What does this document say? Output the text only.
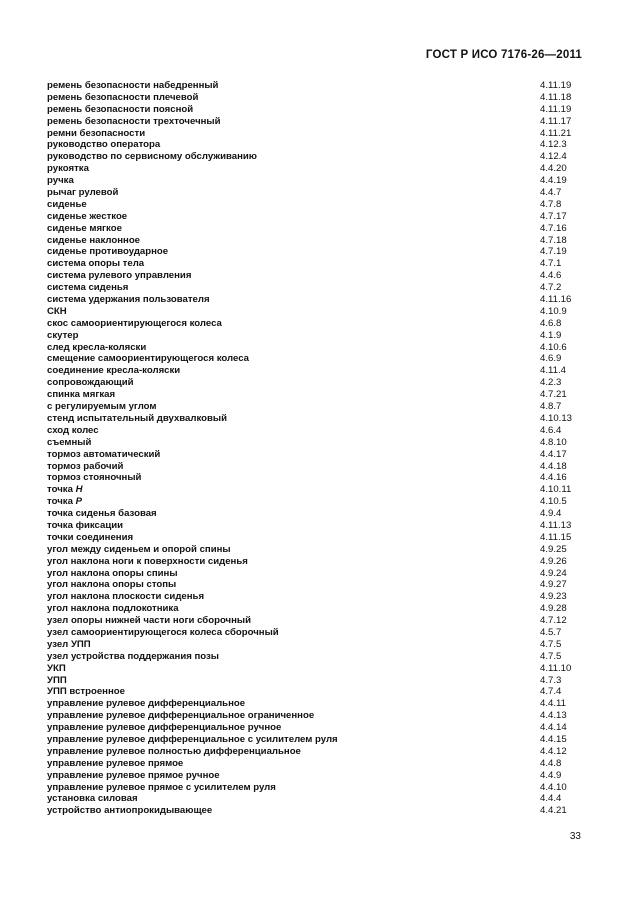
ГОСТ Р ИСО 7176-26—2011
ремень безопасности набедренный	4.11.19
ремень безопасности плечевой	4.11.18
ремень безопасности поясной	4.11.19
ремень безопасности трехточечный	4.11.17
ремни безопасности	4.11.21
руководство оператора	4.12.3
руководство по сервисному обслуживанию	4.12.4
рукоятка	4.4.20
ручка	4.4.19
рычаг рулевой	4.4.7
сиденье	4.7.8
сиденье жесткое	4.7.17
сиденье мягкое	4.7.16
сиденье наклонное	4.7.18
сиденье противоударное	4.7.19
система опоры тела	4.7.1
система рулевого управления	4.4.6
система сиденья	4.7.2
система удержания пользователя	4.11.16
СКН	4.10.9
скос самоориентирующегося колеса	4.6.8
скутер	4.1.9
след кресла-коляски	4.10.6
смещение самоориентирующегося колеса	4.6.9
соединение кресла-коляски	4.11.4
сопровождающий	4.2.3
спинка мягкая	4.7.21
с регулируемым углом	4.8.7
стенд испытательный двухвалковый	4.10.13
сход колес	4.6.4
съемный	4.8.10
тормоз автоматический	4.4.17
тормоз рабочий	4.4.18
тормоз стояночный	4.4.16
точка H	4.10.11
точка P	4.10.5
точка сиденья базовая	4.9.4
точка фиксации	4.11.13
точки соединения	4.11.15
угол между сиденьем и опорой спины	4.9.25
угол наклона ноги к поверхности сиденья	4.9.26
угол наклона опоры спины	4.9.24
угол наклона опоры стопы	4.9.27
угол наклона плоскости сиденья	4.9.23
угол наклона подлокотника	4.9.28
узел опоры нижней части ноги сборочный	4.7.12
узел самоориентирующегося колеса сборочный	4.5.7
узел УПП	4.7.5
узел устройства поддержания позы	4.7.5
УКП	4.11.10
УПП	4.7.3
УПП встроенное	4.7.4
управление рулевое дифференциальное	4.4.11
управление рулевое дифференциальное ограниченное	4.4.13
управление рулевое дифференциальное ручное	4.4.14
управление рулевое дифференциальное с усилителем руля	4.4.15
управление рулевое полностью дифференциальное	4.4.12
управление рулевое прямое	4.4.8
управление рулевое прямое ручное	4.4.9
управление рулевое прямое с усилителем руля	4.4.10
установка силовая	4.4.4
устройство антиопрокидывающее	4.4.21
33
